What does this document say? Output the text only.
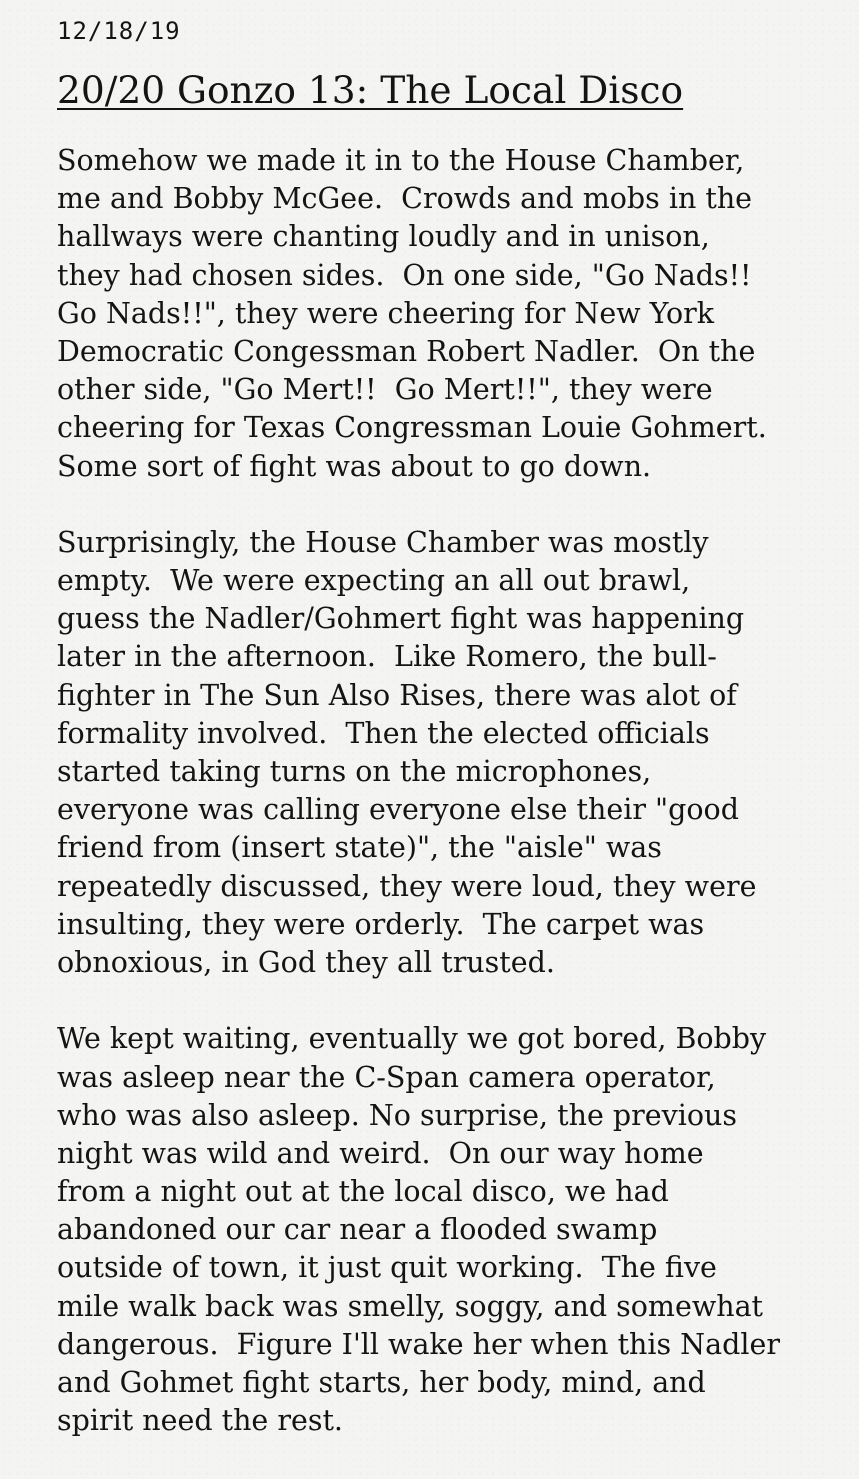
12/18/19
20/20 Gonzo 13: The Local Disco

Somehow we made it in to the House Chamber,
me and Bobby McGee.  Crowds and mobs in the
hallways were chanting loudly and in unison,
they had chosen sides.  On one side, "Go Nads!!
Go Nads!!", they were cheering for New York
Democratic Congessman Robert Nadler.  On the
other side, "Go Mert!!  Go Mert!!", they were
cheering for Texas Congressman Louie Gohmert.
Some sort of fight was about to go down.

Surprisingly, the House Chamber was mostly
empty.  We were expecting an all out brawl,
guess the Nadler/Gohmert fight was happening
later in the afternoon.  Like Romero, the bull-
fighter in The Sun Also Rises, there was alot of
formality involved.  Then the elected officials
started taking turns on the microphones,
everyone was calling everyone else their "good
friend from (insert state)", the "aisle" was
repeatedly discussed, they were loud, they were
insulting, they were orderly.  The carpet was
obnoxious, in God they all trusted.

We kept waiting, eventually we got bored, Bobby
was asleep near the C-Span camera operator,
who was also asleep. No surprise, the previous
night was wild and weird.  On our way home
from a night out at the local disco, we had
abandoned our car near a flooded swamp
outside of town, it just quit working.  The five
mile walk back was smelly, soggy, and somewhat
dangerous.  Figure I'll wake her when this Nadler
and Gohmet fight starts, her body, mind, and
spirit need the rest.
